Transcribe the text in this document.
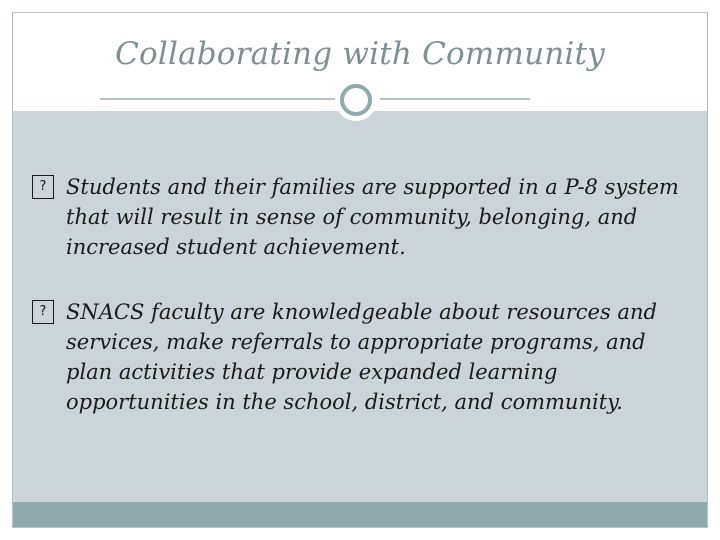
Collaborating with Community
? Students and their families are supported in a P-8 system that will result in sense of community, belonging, and increased student achievement.
? SNACS faculty are knowledgeable about resources and services, make referrals to appropriate programs, and plan activities that provide expanded learning opportunities in the school, district, and community.
